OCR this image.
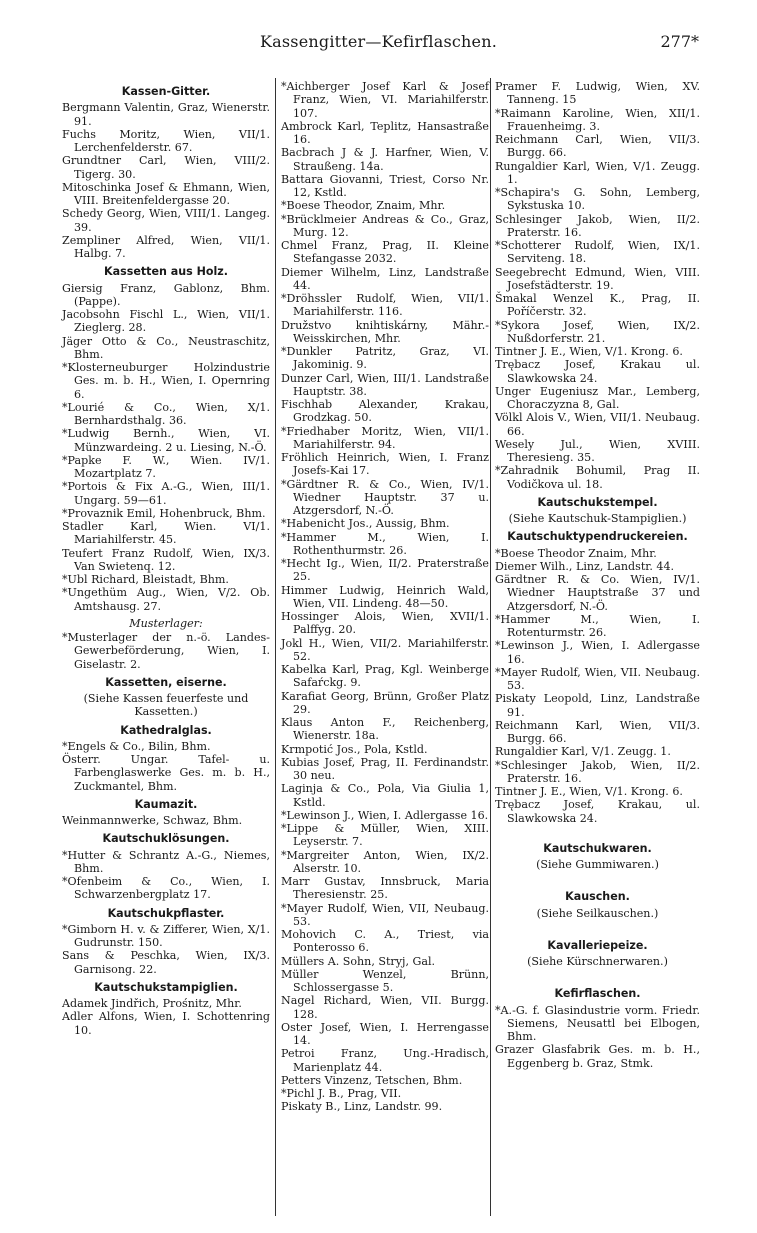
Kassengitter—Kefirflaschen.	277*
Kassen-Gitter.
Bergmann Valentin, Graz, Wienerstr. 91.
Fuchs Moritz, Wien, VII/1. Lerchenfelderstr. 67.
Grundtner Carl, Wien, VIII/2. Tigerg. 30.
Mitoschinka Josef & Ehmann, Wien, VIII. Breitenfeldergasse 20.
Schedy Georg, Wien, VIII/1. Langeg. 39.
Zempliner Alfred, Wien, VII/1. Halbg. 7.
Kassetten aus Holz.
Giersig Franz, Gablonz, Bhm. (Pappe).
Jacobsohn Fischl L., Wien, VII/1. Zieglerg. 28.
Jäger Otto & Co., Neustraschitz, Bhm.
*Klosterneuburger Holzindustrie Ges. m. b. H., Wien, I. Opernring 6.
*Lourié & Co., Wien, X/1. Bernhardsthalg. 36.
*Ludwig Bernh., Wien, VI. Münzwardeing. 2 u. Liesing, N.-Ö.
*Papke F. W., Wien. IV/1. Mozartplatz 7.
*Portois & Fix A.-G., Wien, III/1. Ungarg. 59—61.
*Provaznik Emil, Hohenbruck, Bhm.
Stadler Karl, Wien. VI/1. Mariahilferstr. 45.
Teufert Franz Rudolf, Wien, IX/3. Van Swietenq. 12.
*Ubl Richard, Bleistadt, Bhm.
*Ungethüm Aug., Wien, V/2. Ob. Amtshausg. 27.
Musterlager:
*Musterlager der n.-ö. Landes-Gewerbeförderung, Wien, I. Giselastr. 2.
Kassetten, eiserne.
(Siehe Kassen feuerfeste und Kassetten.)
Kathedralglas.
*Engels & Co., Bilin, Bhm.
Österr. Ungar. Tafel- u. Farbenglaswerke Ges. m. b. H., Zuckmantel, Bhm.
Kaumazit.
Weinmannwerke, Schwaz, Bhm.
Kautschuklösungen.
*Hutter & Schrantz A.-G., Niemes, Bhm.
*Ofenbeim & Co., Wien, I. Schwarzenbergplatz 17.
Kautschukpflaster.
*Gimborn H. v. & Zifferer, Wien, X/1. Gudrunstr. 150.
Sans & Peschka, Wien, IX/3. Garnisong. 22.
Kautschukstampiglien.
Adamek Jindřich, Prośnitz, Mhr.
Adler Alfons, Wien, I. Schottenring 10.
*Aichberger Josef Karl & Josef Franz, Wien, VI. Mariahilferstr. 107.
Ambrock Karl, Teplitz, Hansastraße 16.
Bacbrach J & J. Harfner, Wien, V. Straußeng. 14a.
Battara Giovanni, Triest, Corso Nr. 12, Kstld.
*Boese Theodor, Znaim, Mhr.
*Brücklmeier Andreas & Co., Graz, Murg. 12.
Chmel Franz, Prag, II. Kleine Stefangasse 2032.
Diemer Wilhelm, Linz, Landstraße 44.
*Dröhssler Rudolf, Wien, VII/1. Mariahilferstr. 116.
Družstvo knihtiskárny, Mähr.-Weisskirchen, Mhr.
*Dunkler Patritz, Graz, VI. Jakominig. 9.
Dunzer Carl, Wien, III/1. Landstraße Hauptstr. 38.
Fischhab Alexander, Krakau, Grodzkag. 50.
*Friedhaber Moritz, Wien, VII/1. Mariahilferstr. 94.
Fröhlich Heinrich, Wien, I. Franz Josefs-Kai 17.
*Gärdtner R. & Co., Wien, IV/1. Wiedner Hauptstr. 37 u. Atzgersdorf, N.-Ö.
*Habenicht Jos., Aussig, Bhm.
*Hammer M., Wien, I. Rothenthurmstr. 26.
*Hecht Ig., Wien, II/2. Praterstraße 25.
Himmer Ludwig, Heinrich Wald, Wien, VII. Lindeng. 48—50.
Hossinger Alois, Wien, XVII/1. Palffyg. 20.
Jokl H., Wien, VII/2. Mariahilferstr. 52.
Kabelka Karl, Prag, Kgl. Weinberge Safaŕckg. 9.
Karafiat Georg, Brünn, Großer Platz 29.
Klaus Anton F., Reichenberg, Wienerstr. 18a.
Krmpotić Jos., Pola, Kstld.
Kubias Josef, Prag, II. Ferdinandstr. 30 neu.
Laginja & Co., Pola, Via Giulia 1, Kstld.
*Lewinson J., Wien, I. Adlergasse 16.
*Lippe & Müller, Wien, XIII. Leyserstr. 7.
*Margreiter Anton, Wien, IX/2. Alserstr. 10.
Marr Gustav, Innsbruck, Maria Theresienstr. 25.
*Mayer Rudolf, Wien, VII, Neubaug. 53.
Mohovich C. A., Triest, via Ponterosso 6.
Müllers A. Sohn, Stryj, Gal.
Müller Wenzel, Brünn, Schlossergasse 5.
Nagel Richard, Wien, VII. Burgg. 128.
Oster Josef, Wien, I. Herrengasse 14.
Petroi Franz, Ung.-Hradisch, Marienplatz 44.
Petters Vinzenz, Tetschen, Bhm.
*Pichl J. B., Prag, VII.
Piskaty B., Linz, Landstr. 99.
Pramer F. Ludwig, Wien, XV. Tanneng. 15
*Raimann Karoline, Wien, XII/1. Frauenheimg. 3.
Reichmann Carl, Wien, VII/3. Burgg. 66.
Rungaldier Karl, Wien, V/1. Zeugg. 1.
*Schapira's G. Sohn, Lemberg, Sykstuska 10.
Schlesinger Jakob, Wien, II/2. Praterstr. 16.
*Schotterer Rudolf, Wien, IX/1. Serviteng. 18.
Seegebrecht Edmund, Wien, VIII. Josefstädterstr. 19.
Šmakal Wenzel K., Prag, II. Poříčerstr. 32.
*Sykora Josef, Wien, IX/2. Nußdorferstr. 21.
Tintner J. E., Wien, V/1. Krong. 6.
Trębacz Josef, Krakau ul. Slawkowska 24.
Unger Eugeniusz Mar., Lemberg, Choraczyzna 8, Gal.
Völkl Alois V., Wien, VII/1. Neubaug. 66.
Wesely Jul., Wien, XVIII. Theresieng. 35.
*Zahradnik Bohumil, Prag II. Vodičkova ul. 18.
Kautschukstempel.
(Siehe Kautschuk-Stampiglien.)
Kautschuktypendruckereien.
*Boese Theodor Znaim, Mhr.
Diemer Wilh., Linz, Landstr. 44.
Gärdtner R. & Co. Wien, IV/1. Wiedner Hauptstraße 37 und Atzgersdorf, N.-Ö.
*Hammer M., Wien, I. Rotenturmstr. 26.
*Lewinson J., Wien, I. Adlergasse 16.
*Mayer Rudolf, Wien, VII. Neubaug. 53.
Piskaty Leopold, Linz, Landstraße 91.
Reichmann Karl, Wien, VII/3. Burgg. 66.
Rungaldier Karl, V/1. Zeugg. 1.
*Schlesinger Jakob, Wien, II/2. Praterstr. 16.
Tintner J. E., Wien, V/1. Krong. 6.
Trębacz Josef, Krakau, ul. Slawkowska 24.
Kautschukwaren.
(Siehe Gummiwaren.)
Kauschen.
(Siehe Seilkauschen.)
Kavalleriepeize.
(Siehe Kürschnerwaren.)
Kefirflaschen.
*A.-G. f. Glasindustrie vorm. Friedr. Siemens, Neusattl bei Elbogen, Bhm.
Grazer Glasfabrik Ges. m. b. H., Eggenberg b. Graz, Stmk.
